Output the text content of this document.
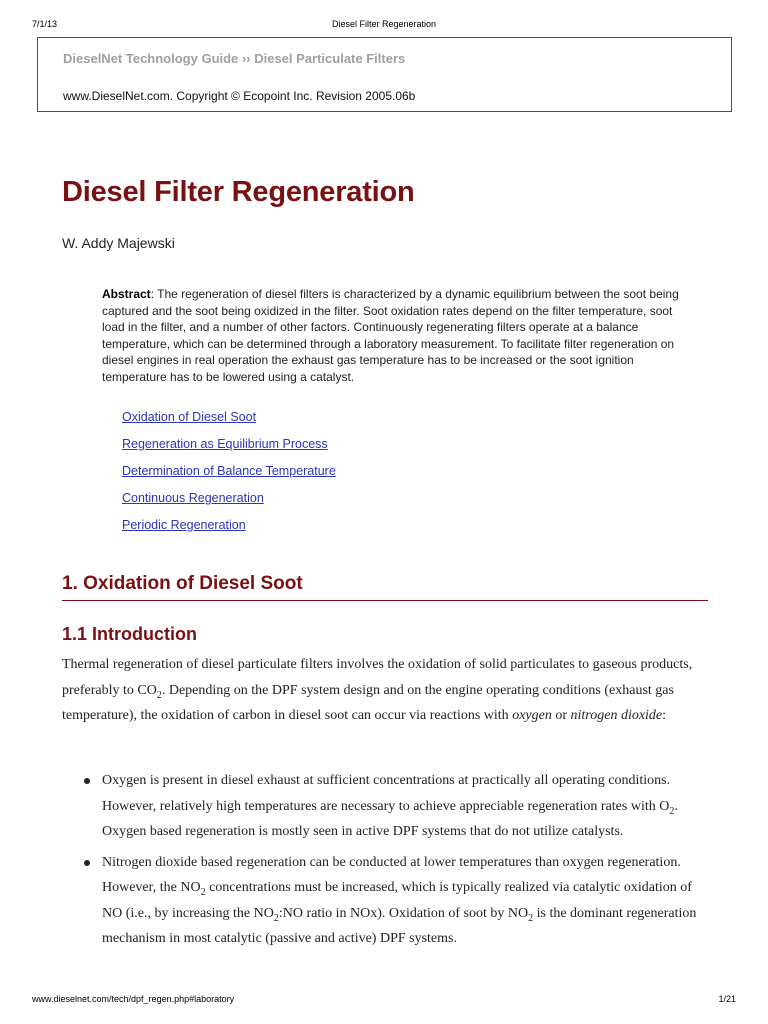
7/1/13	Diesel Filter Regeneration
DieselNet Technology Guide ›› Diesel Particulate Filters
www.DieselNet.com. Copyright © Ecopoint Inc. Revision 2005.06b
Diesel Filter Regeneration
W. Addy Majewski

Abstract: The regeneration of diesel filters is characterized by a dynamic equilibrium between the soot being captured and the soot being oxidized in the filter. Soot oxidation rates depend on the filter temperature, soot load in the filter, and a number of other factors. Continuously regenerating filters operate at a balance temperature, which can be determined through a laboratory measurement. To facilitate filter regeneration on diesel engines in real operation the exhaust gas temperature has to be increased or the soot ignition temperature has to be lowered using a catalyst.

Oxidation of Diesel Soot
Regeneration as Equilibrium Process
Determination of Balance Temperature
Continuous Regeneration
Periodic Regeneration
1. Oxidation of Diesel Soot
1.1 Introduction

Thermal regeneration of diesel particulate filters involves the oxidation of solid particulates to gaseous products, preferably to $CO_2$. Depending on the DPF system design and on the engine operating conditions (exhaust gas temperature), the oxidation of carbon in diesel soot can occur via reactions with oxygen or nitrogen dioxide:

Oxygen is present in diesel exhaust at sufficient concentrations at practically all operating conditions. However, relatively high temperatures are necessary to achieve appreciable regeneration rates with $O_2$. Oxygen based regeneration is mostly seen in active DPF systems that do not utilize catalysts.
Nitrogen dioxide based regeneration can be conducted at lower temperatures than oxygen regeneration. However, the $NO_2$ concentrations must be increased, which is typically realized via catalytic oxidation of NO (i.e., by increasing the $NO_2:NO$ ratio in NOx). Oxidation of soot by $NO_2$ is the dominant regeneration mechanism in most catalytic (passive and active) DPF systems.
www.dieselnet.com/tech/dpf_regen.php#laboratory	1/21
